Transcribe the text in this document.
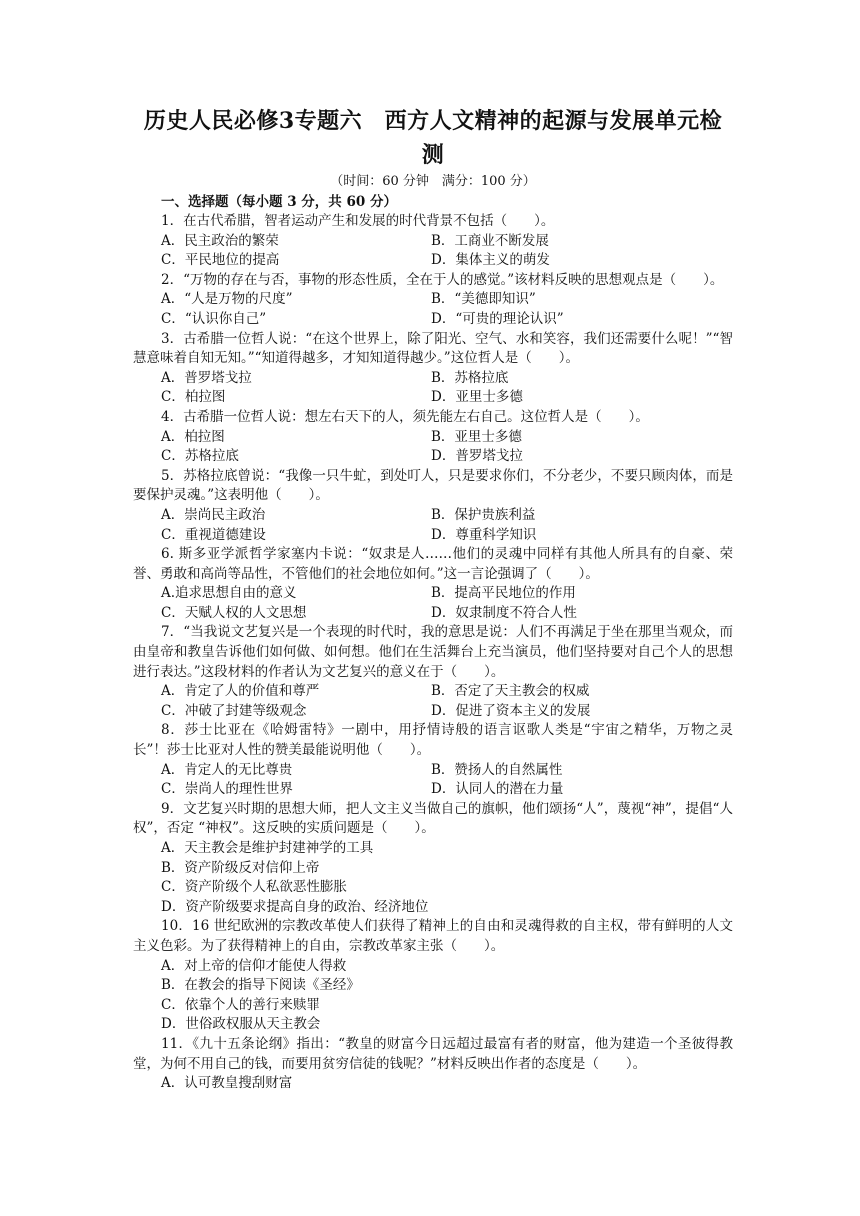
历史人民必修3专题六　西方人文精神的起源与发展单元检测
（时间：60 分钟　满分：100 分）
一、选择题（每小题 3 分，共 60 分）
1．在古代希腊，智者运动产生和发展的时代背景不包括（　　）。
A．民主政治的繁荣	B．工商业不断发展
C．平民地位的提高	D．集体主义的萌发
2．“万物的存在与否，事物的形态性质，全在于人的感觉。”该材料反映的思想观点是（　　）。
A．“人是万物的尺度”	B．“美德即知识”
C．“认识你自己”	D．“可贵的理论认识”
3．古希腊一位哲人说：“在这个世界上，除了阳光、空气、水和笑容，我们还需要什么呢！”“智慧意味着自知无知。”“知道得越多，才知知道得越少。”这位哲人是（　　）。
A．普罗塔戈拉	B．苏格拉底
C．柏拉图	D．亚里士多德
4．古希腊一位哲人说：想左右天下的人，须先能左右自己。这位哲人是（　　）。
A．柏拉图	B．亚里士多德
C．苏格拉底	D．普罗塔戈拉
5．苏格拉底曾说：“我像一只牛虻，到处叮人，只是要求你们，不分老少，不要只顾肉体，而是要保护灵魂。”这表明他（　　）。
A．崇尚民主政治	B．保护贵族利益
C．重视道德建设	D．尊重科学知识
6. 斯多亚学派哲学家塞内卡说：“奴隶是人……他们的灵魂中同样有其他人所具有的自豪、荣誉、勇敢和高尚等品性，不管他们的社会地位如何。”这一言论强调了（　　）。
A.追求思想自由的意义	B．提高平民地位的作用
C．天赋人权的人文思想	D．奴隶制度不符合人性
7．“当我说文艺复兴是一个表现的时代时，我的意思是说：人们不再满足于坐在那里当观众，而由皇帝和教皇告诉他们如何做、如何想。他们在生活舞台上充当演员，他们坚持要对自己个人的思想进行表达。”这段材料的作者认为文艺复兴的意义在于（　　）。
A．肯定了人的价值和尊严	B．否定了天主教会的权威
C．冲破了封建等级观念	D．促进了资本主义的发展
8．莎士比亚在《哈姆雷特》一剧中，用抒情诗般的语言讴歌人类是“宇宙之精华，万物之灵长”！莎士比亚对人性的赞美最能说明他（　　）。
A．肯定人的无比尊贵	B．赞扬人的自然属性
C．崇尚人的理性世界	D．认同人的潜在力量
9．文艺复兴时期的思想大师，把人文主义当做自己的旗帜，他们颂扬“人”，蔑视“神”，提倡“人权”，否定 “神权”。这反映的实质问题是（　　）。
A．天主教会是维护封建神学的工具
B．资产阶级反对信仰上帝
C．资产阶级个人私欲恶性膨胀
D．资产阶级要求提高自身的政治、经济地位
10．16 世纪欧洲的宗教改革使人们获得了精神上的自由和灵魂得救的自主权，带有鲜明的人文主义色彩。为了获得精神上的自由，宗教改革家主张（　　）。
A．对上帝的信仰才能使人得救
B．在教会的指导下阅读《圣经》
C．依靠个人的善行来赎罪
D．世俗政权服从天主教会
11．《九十五条论纲》指出：“教皇的财富今日远超过最富有者的财富，他为建造一个圣彼得教堂，为何不用自己的钱，而要用贫穷信徒的钱呢？”材料反映出作者的态度是（　　）。
A．认可教皇搜刮财富
